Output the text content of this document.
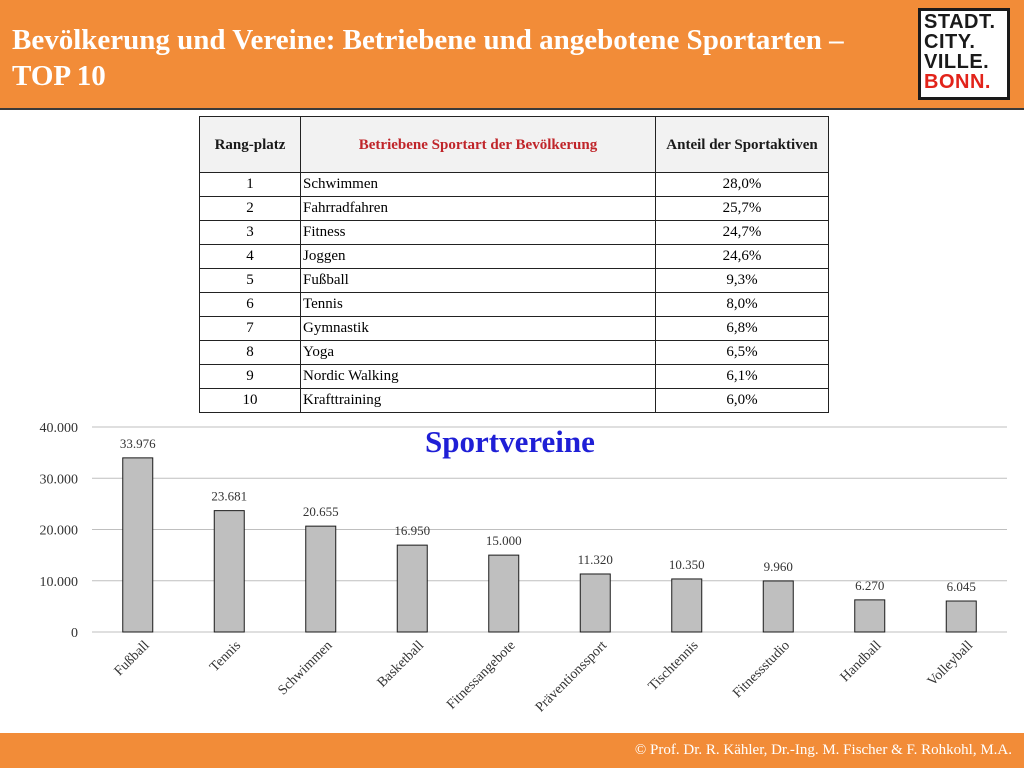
Bevölkerung und Vereine: Betriebene und angebotene Sportarten – TOP 10
STADT.
CITY.
VILLE.
BONN.
Rang-platz	Betriebene Sportart der Bevölkerung	Anteil der Sportaktiven
1	Schwimmen	28,0%
2	Fahrradfahren	25,7%
3	Fitness	24,7%
4	Joggen	24,6%
5	Fußball	9,3%
6	Tennis	8,0%
7	Gymnastik	6,8%
8	Yoga	6,5%
9	Nordic Walking	6,1%
10	Krafttraining	6,0%
0
10.000
20.000
30.000
40.000
33.976
Fußball
23.681
Tennis
20.655
Schwimmen
16.950
Basketball
15.000
Fitnessangebote
11.320
Präventionssport
10.350
Tischtennis
9.960
Fitnessstudio
6.270
Handball
6.045
Volleyball
Sportvereine
© Prof. Dr. R. Kähler, Dr.-Ing. M. Fischer & F. Rohkohl, M.A.
